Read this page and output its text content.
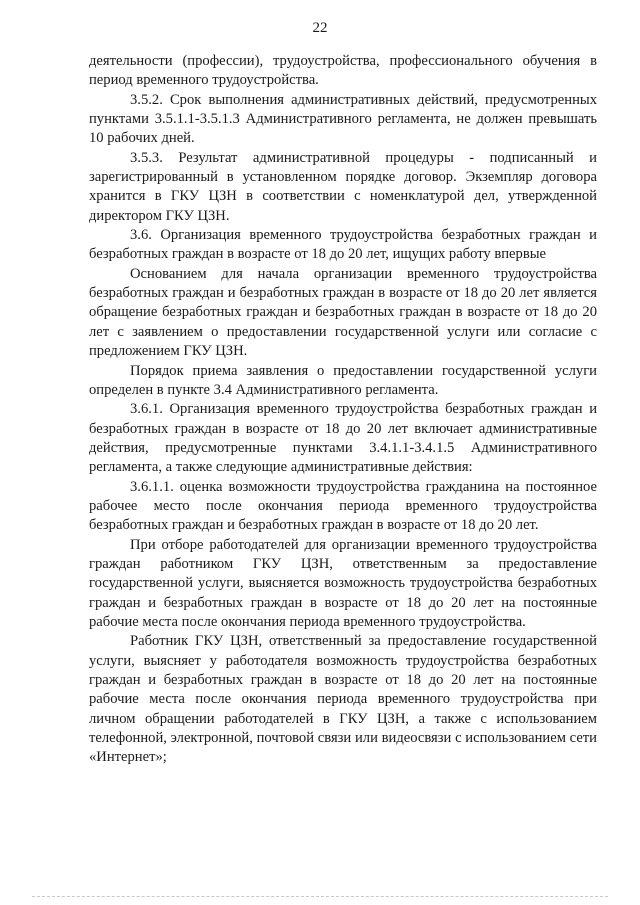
22

деятельности (профессии), трудоустройства, профессионального обучения в период временного трудоустройства.

3.5.2. Срок выполнения административных действий, предусмотренных пунктами 3.5.1.1-3.5.1.3 Административного регламента, не должен превышать 10 рабочих дней.

3.5.3. Результат административной процедуры - подписанный и зарегистрированный в установленном порядке договор. Экземпляр договора хранится в ГКУ ЦЗН в соответствии с номенклатурой дел, утвержденной директором ГКУ ЦЗН.

3.6. Организация временного трудоустройства безработных граждан и безработных граждан в возрасте от 18 до 20 лет, ищущих работу впервые

Основанием для начала организации временного трудоустройства безработных граждан и безработных граждан в возрасте от 18 до 20 лет является обращение безработных граждан и безработных граждан в возрасте от 18 до 20 лет с заявлением о предоставлении государственной услуги или согласие с предложением ГКУ ЦЗН.

Порядок приема заявления о предоставлении государственной услуги определен в пункте 3.4 Административного регламента.

3.6.1. Организация временного трудоустройства безработных граждан и безработных граждан в возрасте от 18 до 20 лет включает административные действия, предусмотренные пунктами 3.4.1.1-3.4.1.5 Административного регламента, а также следующие административные действия:

3.6.1.1. оценка возможности трудоустройства гражданина на постоянное рабочее место после окончания периода временного трудоустройства безработных граждан и безработных граждан в возрасте от 18 до 20 лет.

При отборе работодателей для организации временного трудоустройства граждан работником ГКУ ЦЗН, ответственным за предоставление государственной услуги, выясняется возможность трудоустройства безработных граждан и безработных граждан в возрасте от 18 до 20 лет на постоянные рабочие места после окончания периода временного трудоустройства.

Работник ГКУ ЦЗН, ответственный за предоставление государственной услуги, выясняет у работодателя возможность трудоустройства безработных граждан и безработных граждан в возрасте от 18 до 20 лет на постоянные рабочие места после окончания периода временного трудоустройства при личном обращении работодателей в ГКУ ЦЗН, а также с использованием телефонной, электронной, почтовой связи или видеосвязи с использованием сети «Интернет»;
